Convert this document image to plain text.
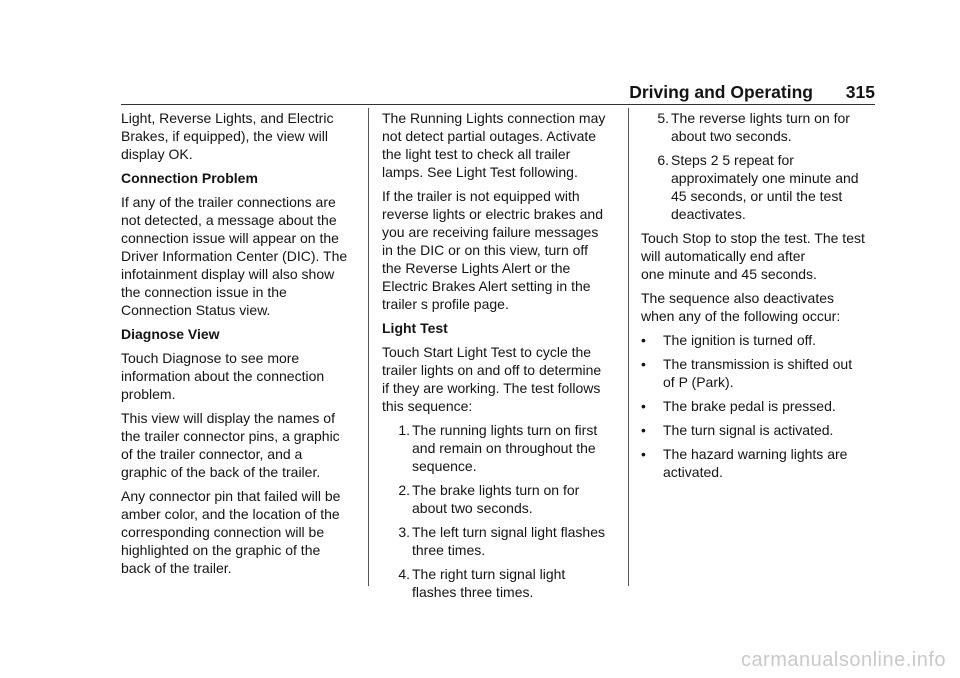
Driving and Operating 315

Light, Reverse Lights, and Electric
Brakes, if equipped), the view will
display OK.

Connection Problem

If any of the trailer connections are
not detected, a message about the
connection issue will appear on the
Driver Information Center (DIC). The
infotainment display will also show
the connection issue in the
Connection Status view.

Diagnose View

Touch Diagnose to see more
information about the connection
problem.

This view will display the names of
the trailer connector pins, a graphic
of the trailer connector, and a
graphic of the back of the trailer.

Any connector pin that failed will be
amber color, and the location of the
corresponding connection will be
highlighted on the graphic of the
back of the trailer.

The Running Lights connection may
not detect partial outages. Activate
the light test to check all trailer
lamps. See Light Test following.

If the trailer is not equipped with
reverse lights or electric brakes and
you are receiving failure messages
in the DIC or on this view, turn off
the Reverse Lights Alert or the
Electric Brakes Alert setting in the
trailer s profile page.

Light Test

Touch Start Light Test to cycle the
trailer lights on and off to determine
if they are working. The test follows
this sequence:

1. The running lights turn on first
and remain on throughout the
sequence.
2. The brake lights turn on for
about two seconds.
3. The left turn signal light flashes
three times.
4. The right turn signal light
flashes three times.
5. The reverse lights turn on for
about two seconds.
6. Steps 2 5 repeat for
approximately one minute and
45 seconds, or until the test
deactivates.

Touch Stop to stop the test. The test
will automatically end after
one minute and 45 seconds.

The sequence also deactivates
when any of the following occur:

• The ignition is turned off.
• The transmission is shifted out
of P (Park).
• The brake pedal is pressed.
• The turn signal is activated.
• The hazard warning lights are
activated.
carmanualsonline.info
